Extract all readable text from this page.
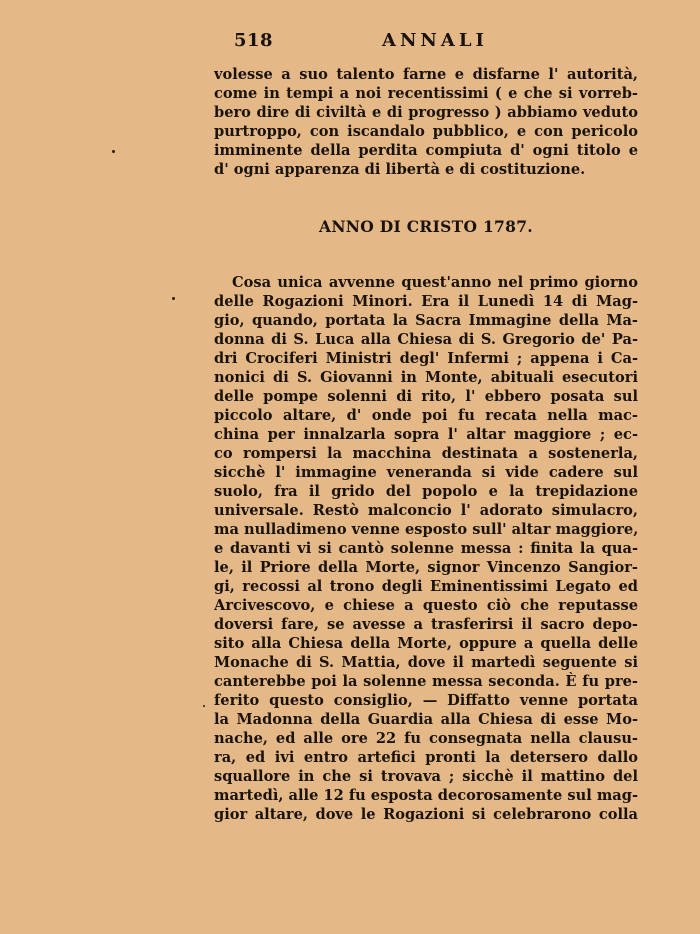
518	ANNALI
volesse a suo talento farne e disfarne l' autorità,
come in tempi a noi recentissimi ( e che si vorreb-
bero dire di civiltà e di progresso ) abbiamo veduto
purtroppo, con iscandalo pubblico, e con pericolo
imminente della perdita compiuta d' ogni titolo e
d' ogni apparenza di libertà e di costituzione.
ANNO DI CRISTO 1787.
Cosa unica avvenne quest'anno nel primo giorno
delle Rogazioni Minori. Era il Lunedì 14 di Mag-
gio, quando, portata la Sacra Immagine della Ma-
donna di S. Luca alla Chiesa di S. Gregorio de' Pa-
dri Crociferi Ministri degl' Infermi ; appena i Ca-
nonici di S. Giovanni in Monte, abituali esecutori
delle pompe solenni di rito, l' ebbero posata sul
piccolo altare, d' onde poi fu recata nella mac-
china per innalzarla sopra l' altar maggiore ; ec-
co rompersi la macchina destinata a sostenerla,
sicchè l' immagine veneranda si vide cadere sul
suolo, fra il grido del popolo e la trepidazione
universale. Restò malconcio l' adorato simulacro,
ma nulladimeno venne esposto sull' altar maggiore,
e davanti vi si cantò solenne messa : finita la qua-
le, il Priore della Morte, signor Vincenzo Sangior-
gi, recossi al trono degli Eminentissimi Legato ed
Arcivescovo, e chiese a questo ciò che reputasse
doversi fare, se avesse a trasferirsi il sacro depo-
sito alla Chiesa della Morte, oppure a quella delle
Monache di S. Mattia, dove il martedì seguente si
canterebbe poi la solenne messa seconda. È fu pre-
ferito questo consiglio, — Diffatto venne portata
la Madonna della Guardia alla Chiesa di esse Mo-
nache, ed alle ore 22 fu consegnata nella clausu-
ra, ed ivi entro artefici pronti la detersero dallo
squallore in che si trovava ; sicchè il mattino del
martedì, alle 12 fu esposta decorosamente sul mag-
gior altare, dove le Rogazioni si celebrarono colla
